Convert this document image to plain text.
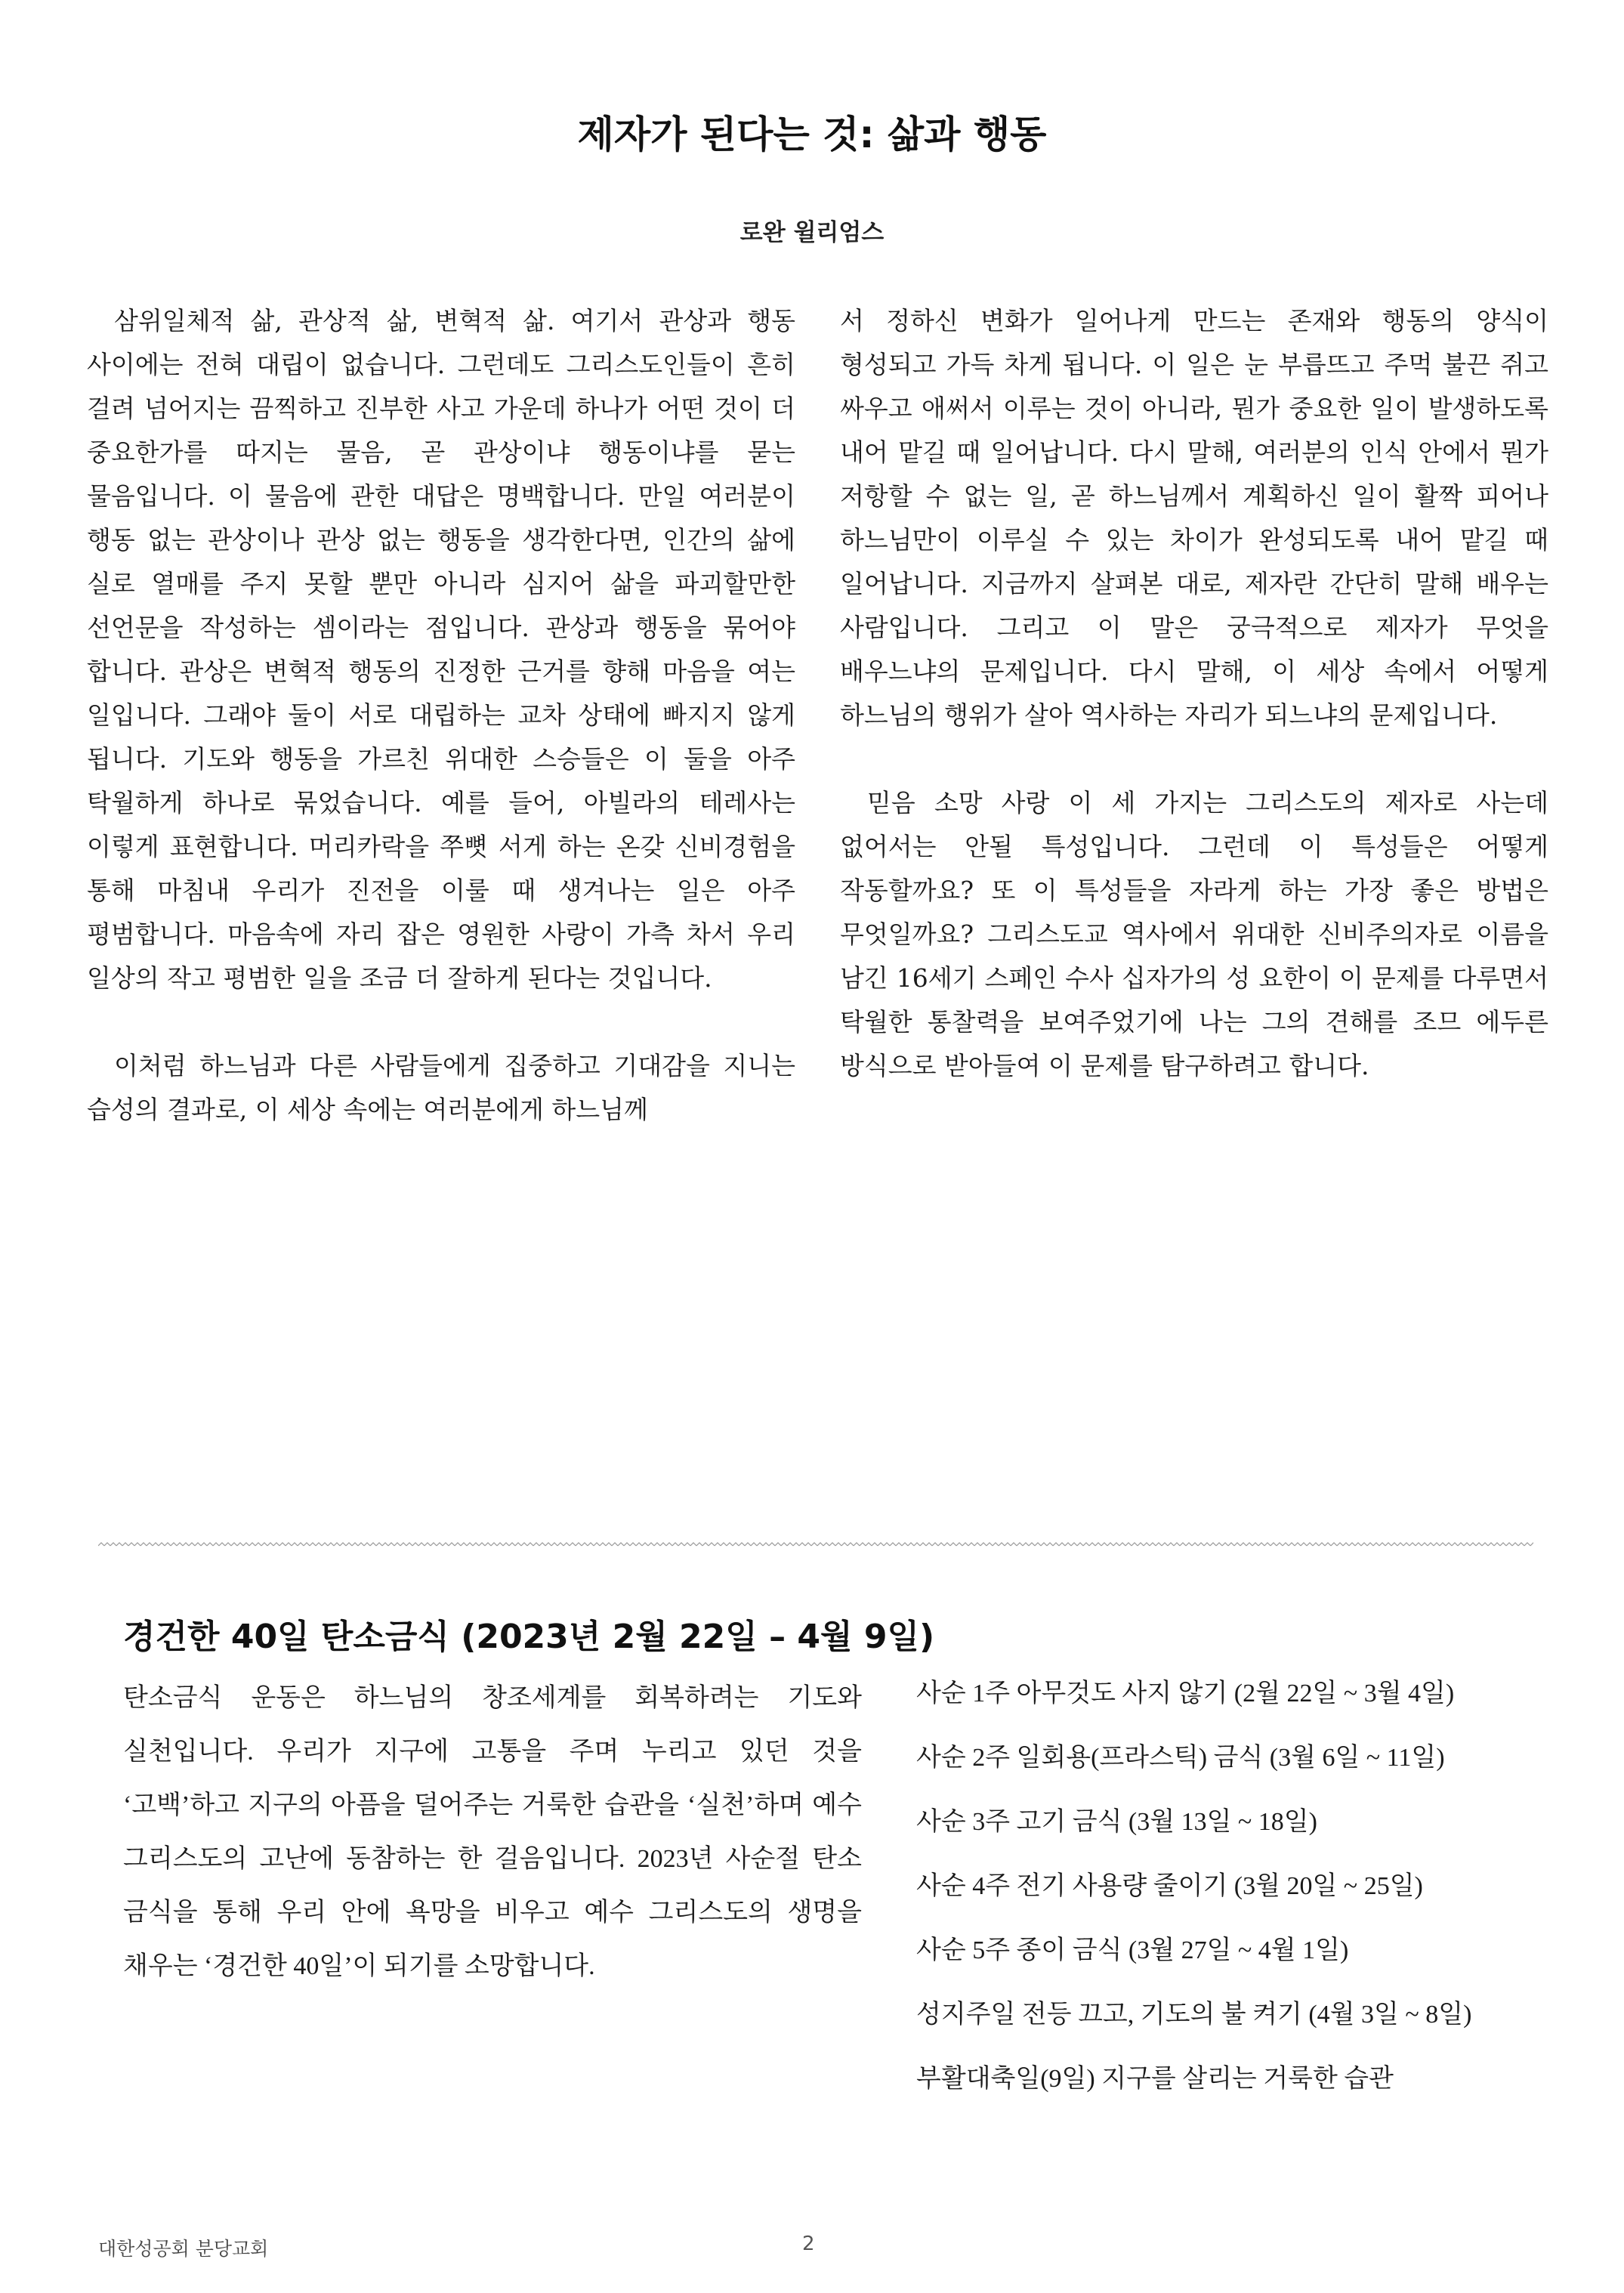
제자가 된다는 것: 삶과 행동
로완 윌리엄스

삼위일체적 삶, 관상적 삶, 변혁적 삶. 여기서 관상과 행동 사이에는 전혀 대립이 없습니다. 그런데도 그리스도인들이 흔히 걸려 넘어지는 끔찍하고 진부한 사고 가운데 하나가 어떤 것이 더 중요한가를 따지는 물음, 곧 관상이냐 행동이냐를 묻는 물음입니다. 이 물음에 관한 대답은 명백합니다. 만일 여러분이 행동 없는 관상이나 관상 없는 행동을 생각한다면, 인간의 삶에 실로 열매를 주지 못할 뿐만 아니라 심지어 삶을 파괴할만한 선언문을 작성하는 셈이라는 점입니다. 관상과 행동을 묶어야 합니다. 관상은 변혁적 행동의 진정한 근거를 향해 마음을 여는 일입니다. 그래야 둘이 서로 대립하는 교차 상태에 빠지지 않게 됩니다. 기도와 행동을 가르친 위대한 스승들은 이 둘을 아주 탁월하게 하나로 묶었습니다. 예를 들어, 아빌라의 테레사는 이렇게 표현합니다. 머리카락을 쭈뼛 서게 하는 온갖 신비경험을 통해 마침내 우리가 진전을 이룰 때 생겨나는 일은 아주 평범합니다. 마음속에 자리 잡은 영원한 사랑이 가측 차서 우리 일상의 작고 평범한 일을 조금 더 잘하게 된다는 것입니다.

이처럼 하느님과 다른 사람들에게 집중하고 기대감을 지니는 습성의 결과로, 이 세상 속에는 여러분에게 하느님께

서 정하신 변화가 일어나게 만드는 존재와 행동의 양식이 형성되고 가득 차게 됩니다. 이 일은 눈 부릅뜨고 주먹 불끈 쥐고 싸우고 애써서 이루는 것이 아니라, 뭔가 중요한 일이 발생하도록 내어 맡길 때 일어납니다. 다시 말해, 여러분의 인식 안에서 뭔가 저항할 수 없는 일, 곧 하느님께서 계획하신 일이 활짝 피어나 하느님만이 이루실 수 있는 차이가 완성되도록 내어 맡길 때 일어납니다. 지금까지 살펴본 대로, 제자란 간단히 말해 배우는 사람입니다. 그리고 이 말은 궁극적으로 제자가 무엇을 배우느냐의 문제입니다. 다시 말해, 이 세상 속에서 어떻게 하느님의 행위가 살아 역사하는 자리가 되느냐의 문제입니다.

믿음 소망 사랑 이 세 가지는 그리스도의 제자로 사는데 없어서는 안될 특성입니다. 그런데 이 특성들은 어떻게 작동할까요? 또 이 특성들을 자라게 하는 가장 좋은 방법은 무엇일까요? 그리스도교 역사에서 위대한 신비주의자로 이름을 남긴 16세기 스페인 수사 십자가의 성 요한이 이 문제를 다루면서 탁월한 통찰력을 보여주었기에 나는 그의 견해를 조므 에두른 방식으로 받아들여 이 문제를 탐구하려고 합니다.

경건한 40일 탄소금식 (2023년 2월 22일 – 4월 9일)

탄소금식 운동은 하느님의 창조세계를 회복하려는 기도와 실천입니다. 우리가 지구에 고통을 주며 누리고 있던 것을 ‘고백’하고 지구의 아픔을 덜어주는 거룩한 습관을 ‘실천’하며 예수 그리스도의 고난에 동참하는 한 걸음입니다. 2023년 사순절 탄소 금식을 통해 우리 안에 욕망을 비우고 예수 그리스도의 생명을 채우는 ‘경건한 40일’이 되기를 소망합니다.

사순 1주 아무것도 사지 않기 (2월 22일 ~ 3월 4일)
사순 2주 일회용(프라스틱) 금식 (3월 6일 ~ 11일)
사순 3주 고기 금식 (3월 13일 ~ 18일)
사순 4주 전기 사용량 줄이기 (3월 20일 ~ 25일)
사순 5주 종이 금식 (3월 27일 ~ 4월 1일)
성지주일 전등 끄고, 기도의 불 켜기 (4월 3일 ~ 8일)
부활대축일(9일) 지구를 살리는 거룩한 습관
대한성공회 분당교회	2
